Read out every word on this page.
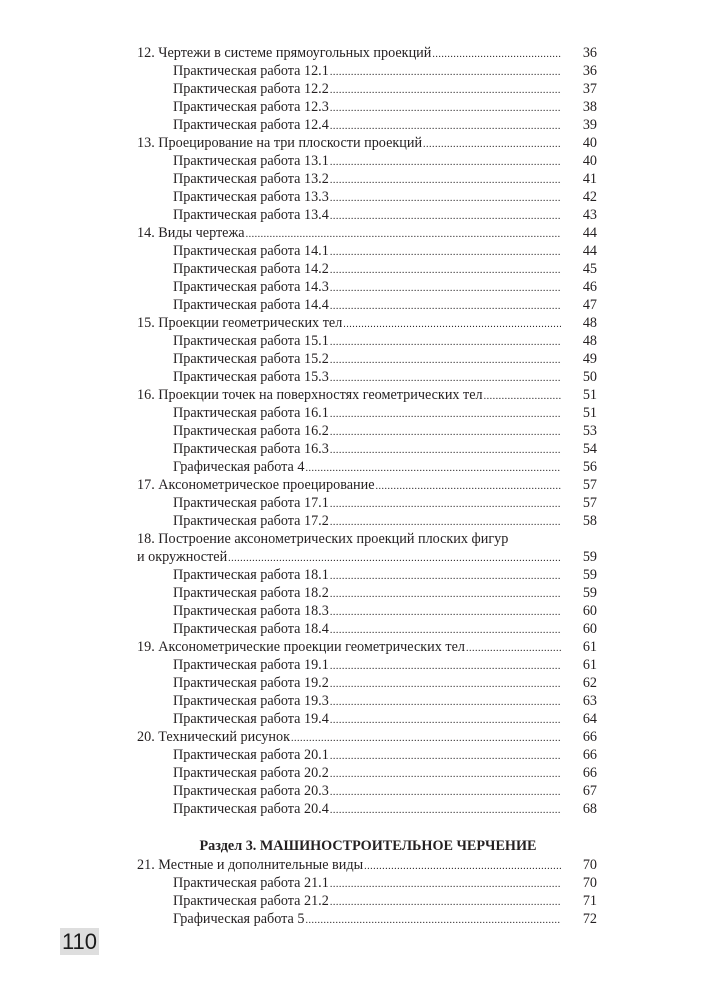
12. Чертежи в системе прямоугольных проекций .....	36
Практическая работа 12.1 .....	36
Практическая работа 12.2 .....	37
Практическая работа 12.3 .....	38
Практическая работа 12.4 .....	39
13. Проецирование на три плоскости проекций .....	40
Практическая работа 13.1 .....	40
Практическая работа 13.2 .....	41
Практическая работа 13.3 .....	42
Практическая работа 13.4 .....	43
14. Виды чертежа .....	44
Практическая работа 14.1 .....	44
Практическая работа 14.2 .....	45
Практическая работа 14.3 .....	46
Практическая работа 14.4 .....	47
15. Проекции геометрических тел .....	48
Практическая работа 15.1 .....	48
Практическая работа 15.2 .....	49
Практическая работа 15.3 .....	50
16. Проекции точек на поверхностях геометрических тел .....	51
Практическая работа 16.1 .....	51
Практическая работа 16.2 .....	53
Практическая работа 16.3 .....	54
Графическая работа 4 .....	56
17. Аксонометрическое проецирование .....	57
Практическая работа 17.1 .....	57
Практическая работа 17.2 .....	58
18. Построение аксонометрических проекций плоских фигур
и окружностей .....	59
Практическая работа 18.1 .....	59
Практическая работа 18.2 .....	59
Практическая работа 18.3 .....	60
Практическая работа 18.4 .....	60
19. Аксонометрические проекции геометрических тел .....	61
Практическая работа 19.1 .....	61
Практическая работа 19.2 .....	62
Практическая работа 19.3 .....	63
Практическая работа 19.4 .....	64
20. Технический рисунок .....	66
Практическая работа 20.1 .....	66
Практическая работа 20.2 .....	66
Практическая работа 20.3 .....	67
Практическая работа 20.4 .....	68
Раздел 3. МАШИНОСТРОИТЕЛЬНОЕ ЧЕРЧЕНИЕ
21. Местные и дополнительные виды .....	70
Практическая работа 21.1 .....	70
Практическая работа 21.2 .....	71
Графическая работа 5 .....	72
110
